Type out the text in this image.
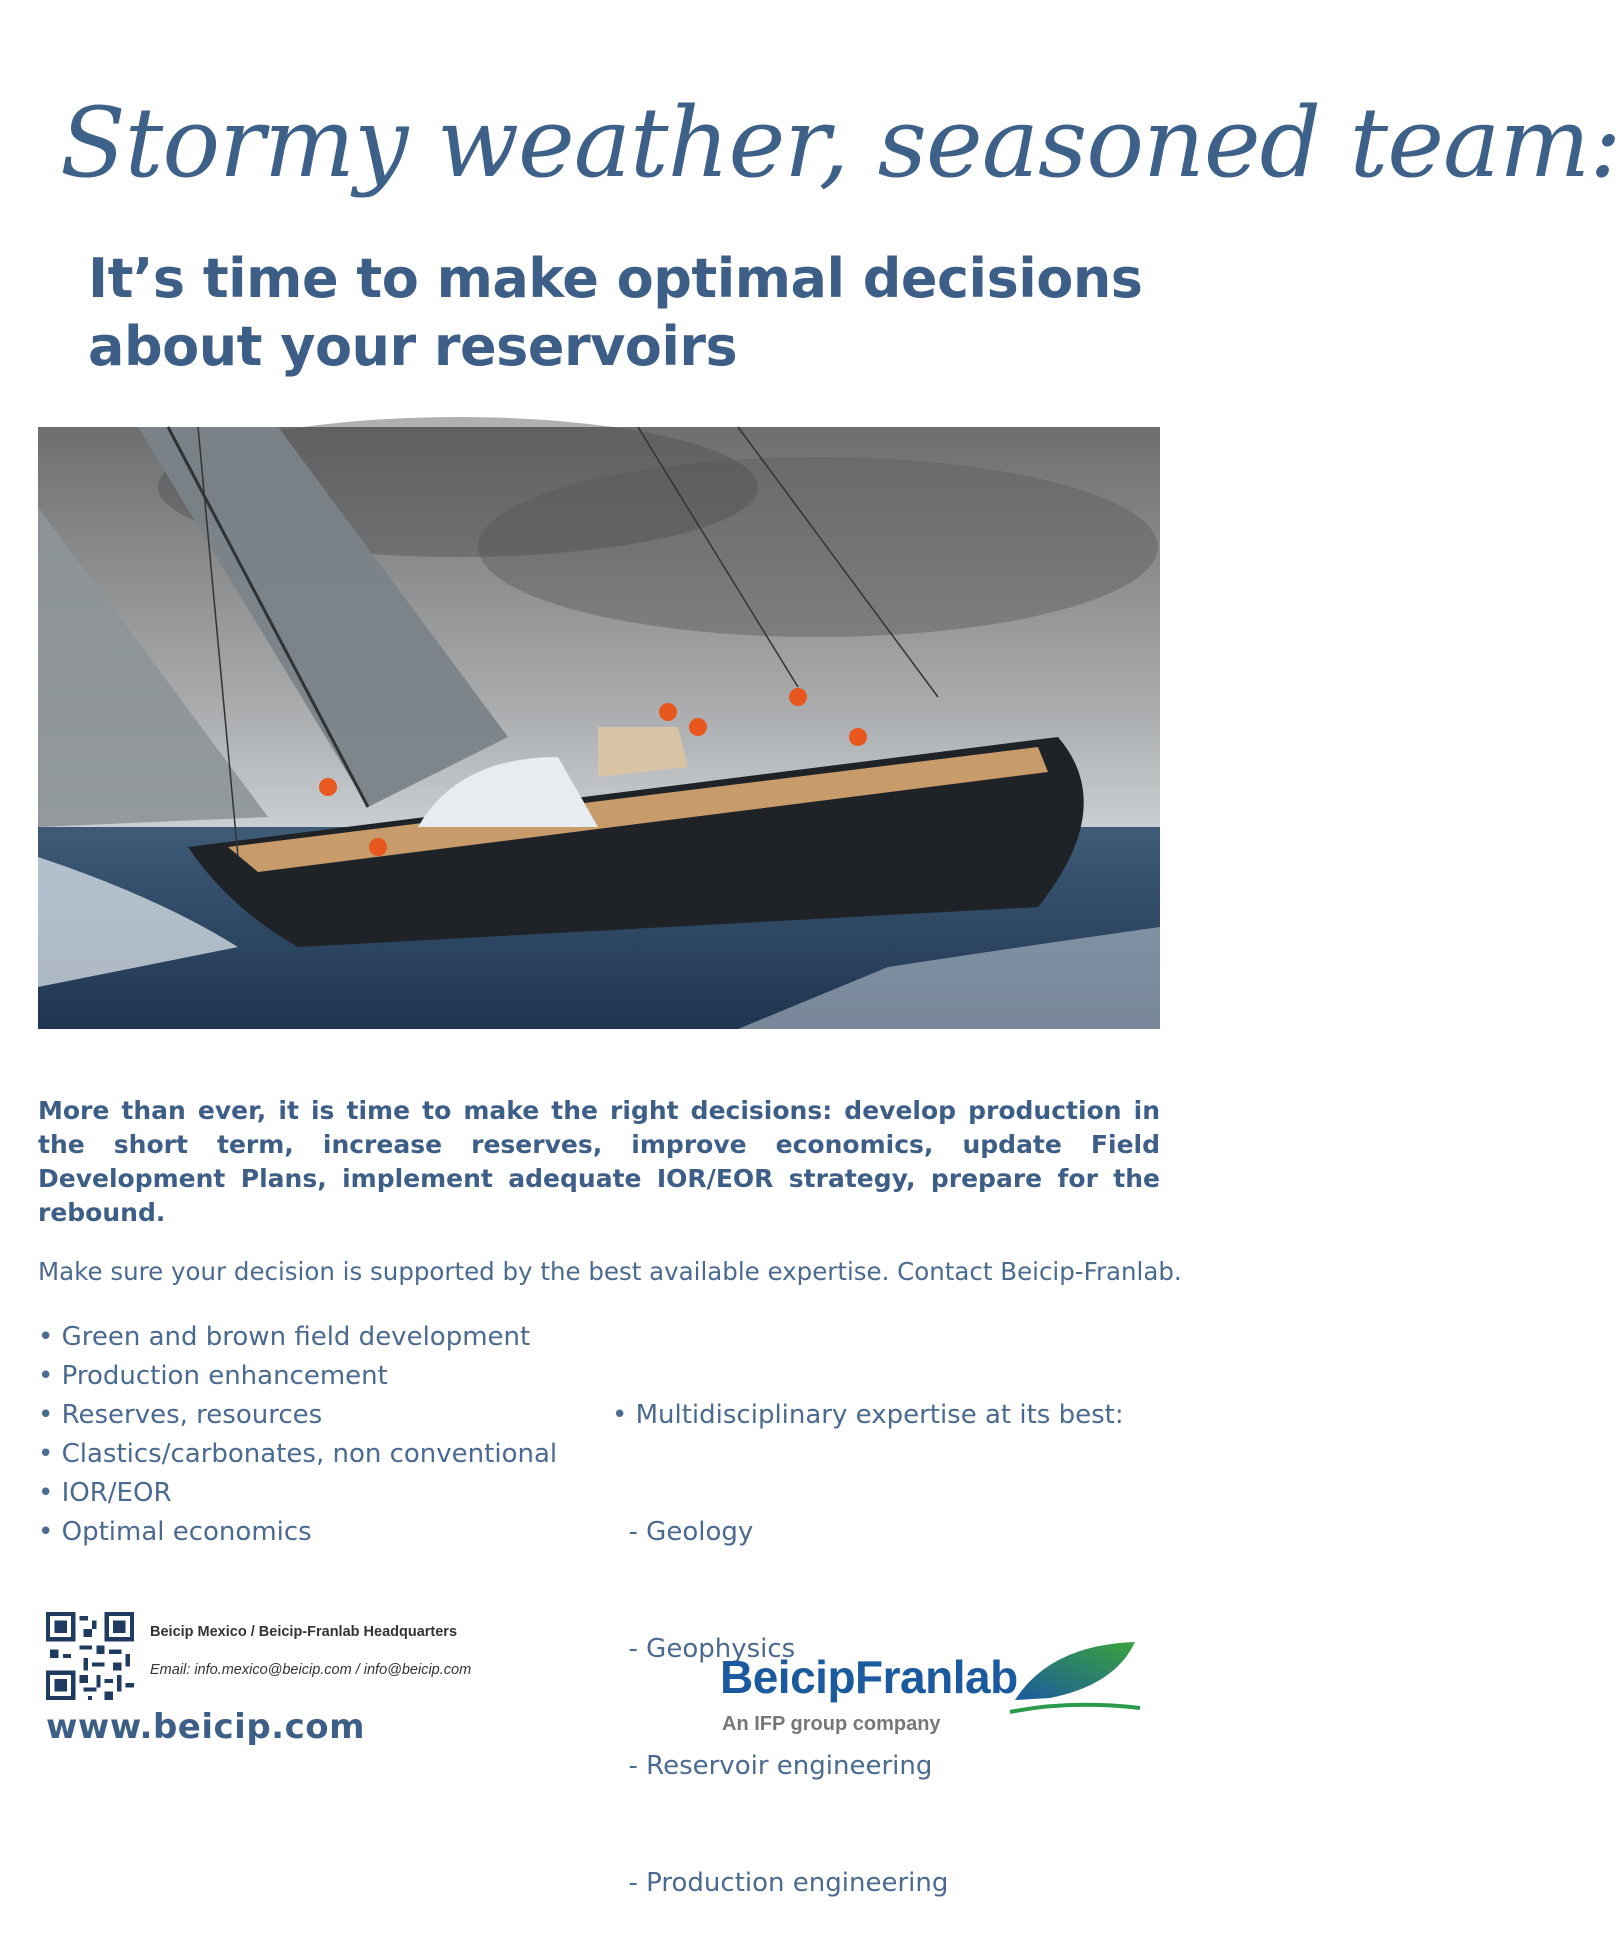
Stormy weather, seasoned team:
It’s time to make optimal decisions
about your reservoirs
More than ever, it is time to make the right decisions: develop production in the short term, increase reserves, improve economics, update Field Development Plans, implement adequate IOR/EOR strategy, prepare for the rebound.
Make sure your decision is supported by the best available expertise. Contact Beicip-Franlab.
• Green and brown field development
• Production enhancement
• Reserves, resources
• Clastics/carbonates, non conventional
• IOR/EOR
• Optimal economics

• Multidisciplinary expertise at its best:

- Geology

- Geophysics

- Reservoir engineering

- Production engineering

Beicip Mexico / Beicip-Franlab Headquarters
Email: info.mexico@beicip.com / info@beicip.com
www.beicip.com
BeicipFranlab
An IFP group company
